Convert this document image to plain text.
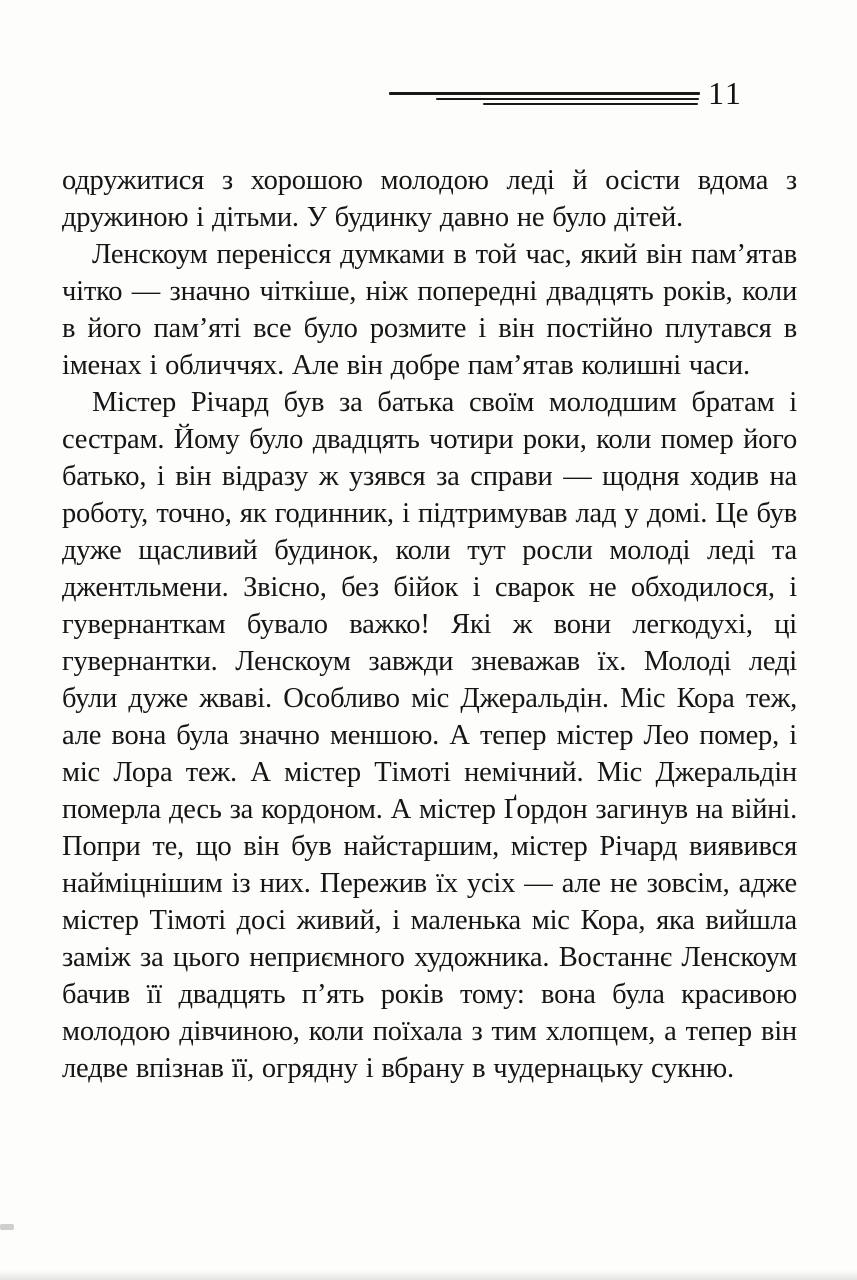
11

одружитися з хорошою молодою леді й осісти вдома з дружиною і дітьми. У будинку давно не було дітей.

Ленскоум перенісся думками в той час, який він пам’ятав чітко — значно чіткіше, ніж попередні двадцять років, коли в його пам’яті все було розмите і він постійно плутався в іменах і обличчях. Але він добре пам’ятав колишні часи.

Містер Річард був за батька своїм молодшим братам і сестрам. Йому було двадцять чотири роки, коли помер його батько, і він відразу ж узявся за справи — щодня ходив на роботу, точно, як годинник, і підтримував лад у домі. Це був дуже щасливий будинок, коли тут росли молоді леді та джентльмени. Звісно, без бійок і сварок не обходилося, і гувернанткам бувало важко! Які ж вони легкодухі, ці гувернантки. Ленскоум завжди зневажав їх. Молоді леді були дуже жваві. Особливо міс Джеральдін. Міс Кора теж, але вона була значно меншою. А тепер містер Лео помер, і міс Лора теж. А містер Тімоті немічний. Міс Джеральдін померла десь за кордоном. А містер Ґордон загинув на війні. Попри те, що він був найстаршим, містер Річард виявився найміцнішим із них. Пережив їх усіх — але не зовсім, адже містер Тімоті досі живий, і маленька міс Кора, яка вийшла заміж за цього неприємного художника. Востаннє Ленскоум бачив її двадцять п’ять років тому: вона була красивою молодою дівчиною, коли поїхала з тим хлопцем, а тепер він ледве впізнав її, огрядну і вбрану в чудернацьку сукню.
